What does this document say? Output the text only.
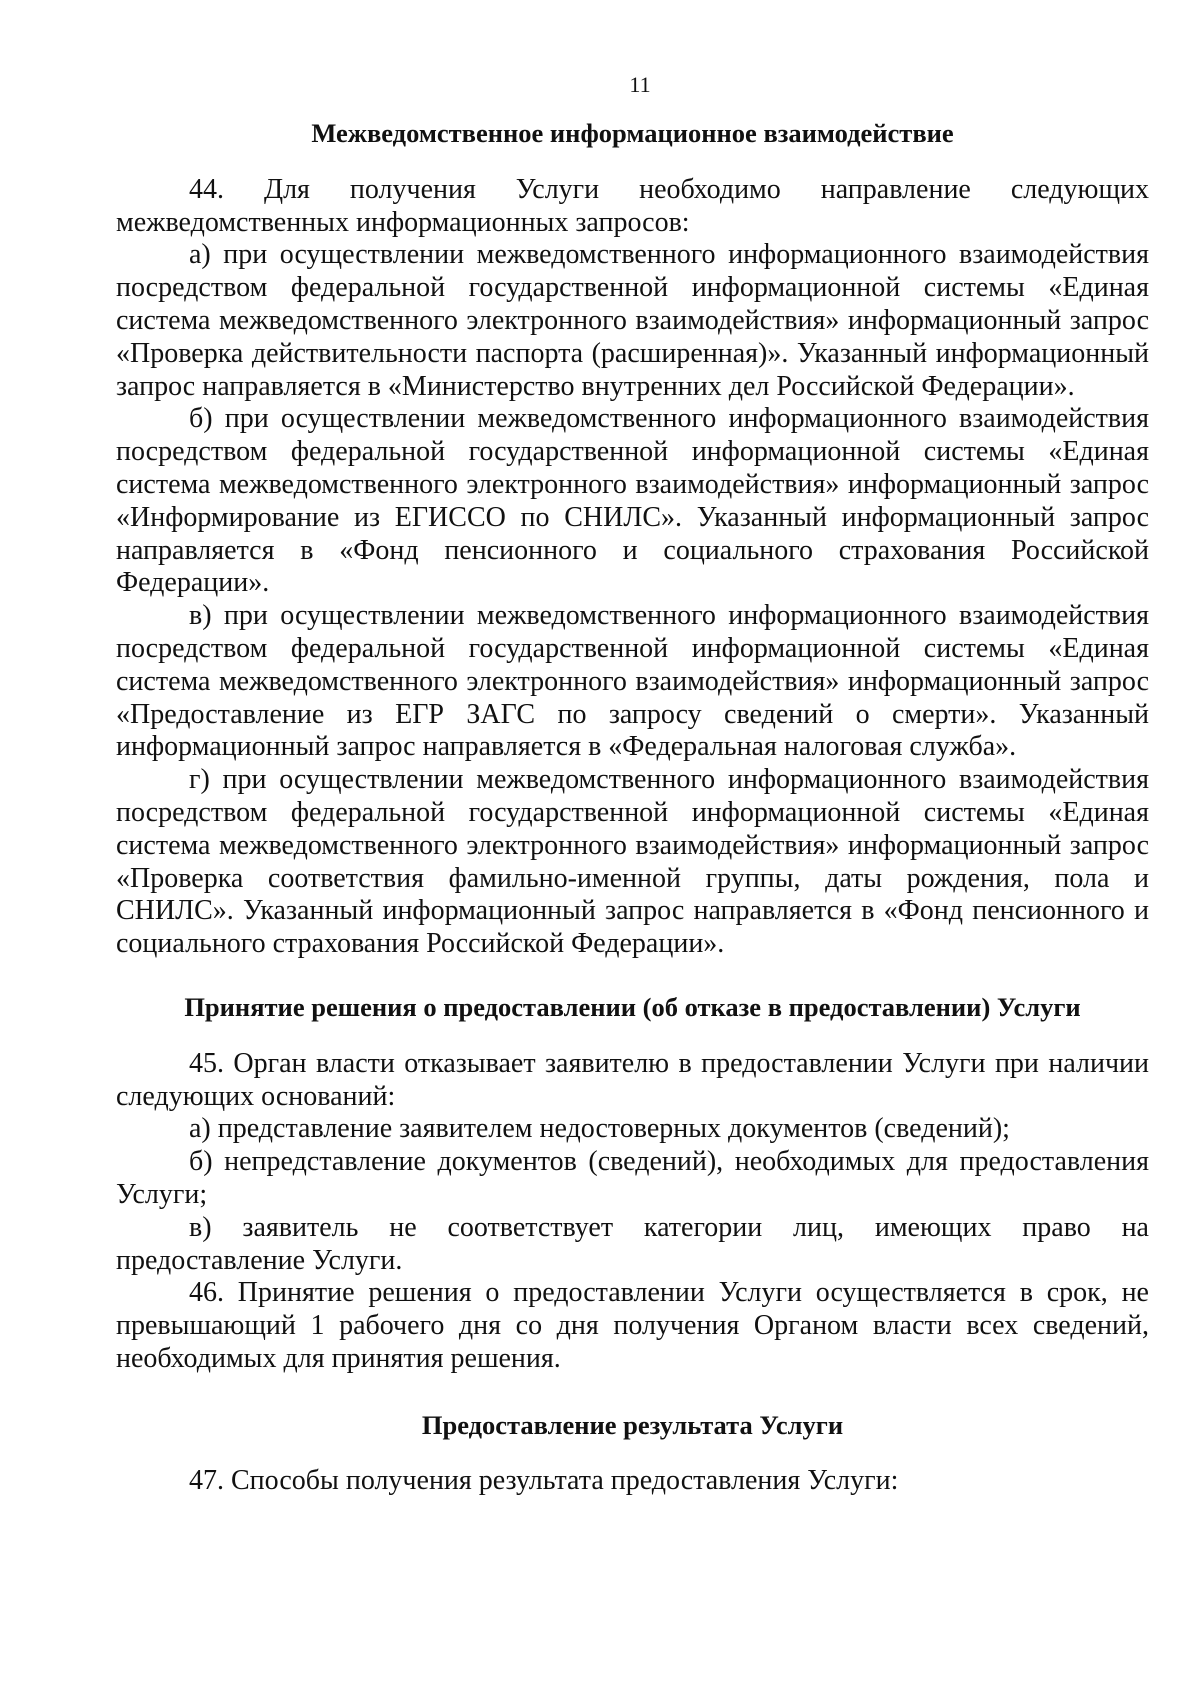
11
Межведомственное информационное взаимодействие

44. Для получения Услуги необходимо направление следующих межведомственных информационных запросов:

а) при осуществлении межведомственного информационного взаимодействия посредством федеральной государственной информационной системы «Единая система межведомственного электронного взаимодействия» информационный запрос «Проверка действительности паспорта (расширенная)». Указанный информационный запрос направляется в «Министерство внутренних дел Российской Федерации».

б) при осуществлении межведомственного информационного взаимодействия посредством федеральной государственной информационной системы «Единая система межведомственного электронного взаимодействия» информационный запрос «Информирование из ЕГИССО по СНИЛС». Указанный информационный запрос направляется в «Фонд пенсионного и социального страхования Российской Федерации».

в) при осуществлении межведомственного информационного взаимодействия посредством федеральной государственной информационной системы «Единая система межведомственного электронного взаимодействия» информационный запрос «Предоставление из ЕГР ЗАГС по запросу сведений о смерти». Указанный информационный запрос направляется в «Федеральная налоговая служба».

г) при осуществлении межведомственного информационного взаимодействия посредством федеральной государственной информационной системы «Единая система межведомственного электронного взаимодействия» информационный запрос «Проверка соответствия фамильно-именной группы, даты рождения, пола и СНИЛС». Указанный информационный запрос направляется в «Фонд пенсионного и социального страхования Российской Федерации».

Принятие решения о предоставлении (об отказе в предоставлении) Услуги

45. Орган власти отказывает заявителю в предоставлении Услуги при наличии следующих оснований:

а) представление заявителем недостоверных документов (сведений);

б) непредставление документов (сведений), необходимых для предоставления Услуги;

в) заявитель не соответствует категории лиц, имеющих право на предоставление Услуги.

46. Принятие решения о предоставлении Услуги осуществляется в срок, не превышающий 1 рабочего дня со дня получения Органом власти всех сведений, необходимых для принятия решения.

Предоставление результата Услуги

47. Способы получения результата предоставления Услуги:
